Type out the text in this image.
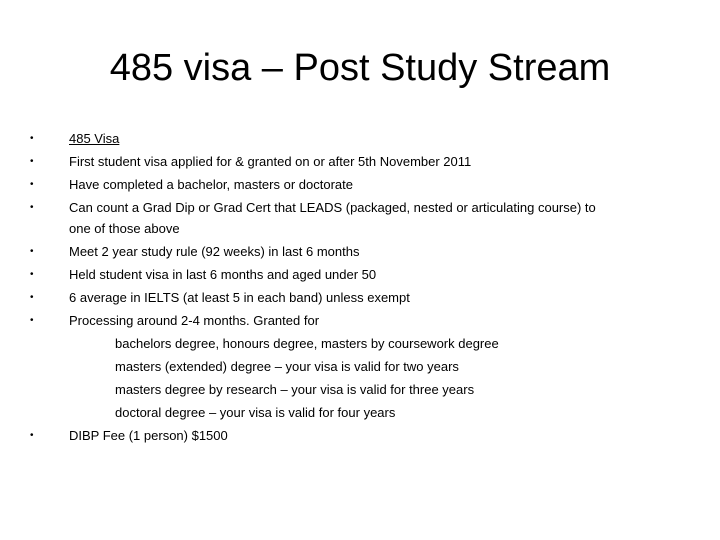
485 visa – Post Study Stream
•
•
•
•
•
•
•
•
•
485 Visa
First student visa applied for & granted on or after 5th November 2011
Have completed a bachelor, masters or doctorate
Can count a Grad Dip or Grad Cert that LEADS (packaged, nested or articulating course) to
one of those above
Meet 2 year study rule (92 weeks) in last 6 months
Held student visa in last 6 months and aged under 50
6 average in IELTS (at least 5 in each band) unless exempt
Processing around 2-4 months. Granted for
bachelors degree, honours degree, masters by coursework degree
masters (extended) degree – your visa is valid for two years
masters degree by research – your visa is valid for three years
doctoral degree – your visa is valid for four years
DIBP Fee (1 person) $1500
